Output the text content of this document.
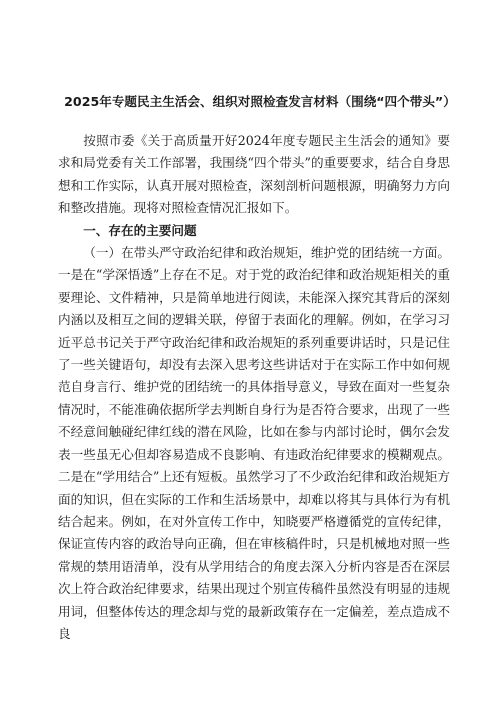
2025年专题民主生活会、组织对照检查发言材料（围绕“四个带头”）

按照市委《关于高质量开好2024年度专题民主生活会的通知》要求和局党委有关工作部署，我围绕“四个带头”的重要要求，结合自身思想和工作实际，认真开展对照检查，深刻剖析问题根源，明确努力方向和整改措施。现将对照检查情况汇报如下。

一、存在的主要问题

（一）在带头严守政治纪律和政治规矩，维护党的团结统一方面。一是在“学深悟透”上存在不足。对于党的政治纪律和政治规矩相关的重要理论、文件精神，只是简单地进行阅读，未能深入探究其背后的深刻内涵以及相互之间的逻辑关联，停留于表面化的理解。例如，在学习习近平总书记关于严守政治纪律和政治规矩的系列重要讲话时，只是记住了一些关键语句，却没有去深入思考这些讲话对于在实际工作中如何规范自身言行、维护党的团结统一的具体指导意义，导致在面对一些复杂情况时，不能准确依据所学去判断自身行为是否符合要求，出现了一些不经意间触碰纪律红线的潜在风险，比如在参与内部讨论时，偶尔会发表一些虽无心但却容易造成不良影响、有违政治纪律要求的模糊观点。二是在“学用结合”上还有短板。虽然学习了不少政治纪律和政治规矩方面的知识，但在实际的工作和生活场景中，却难以将其与具体行为有机结合起来。例如，在对外宣传工作中，知晓要严格遵循党的宣传纪律，保证宣传内容的政治导向正确，但在审核稿件时，只是机械地对照一些常规的禁用语清单，没有从学用结合的角度去深入分析内容是否在深层次上符合政治纪律要求，结果出现过个别宣传稿件虽然没有明显的违规用词，但整体传达的理念却与党的最新政策存在一定偏差，差点造成不良
